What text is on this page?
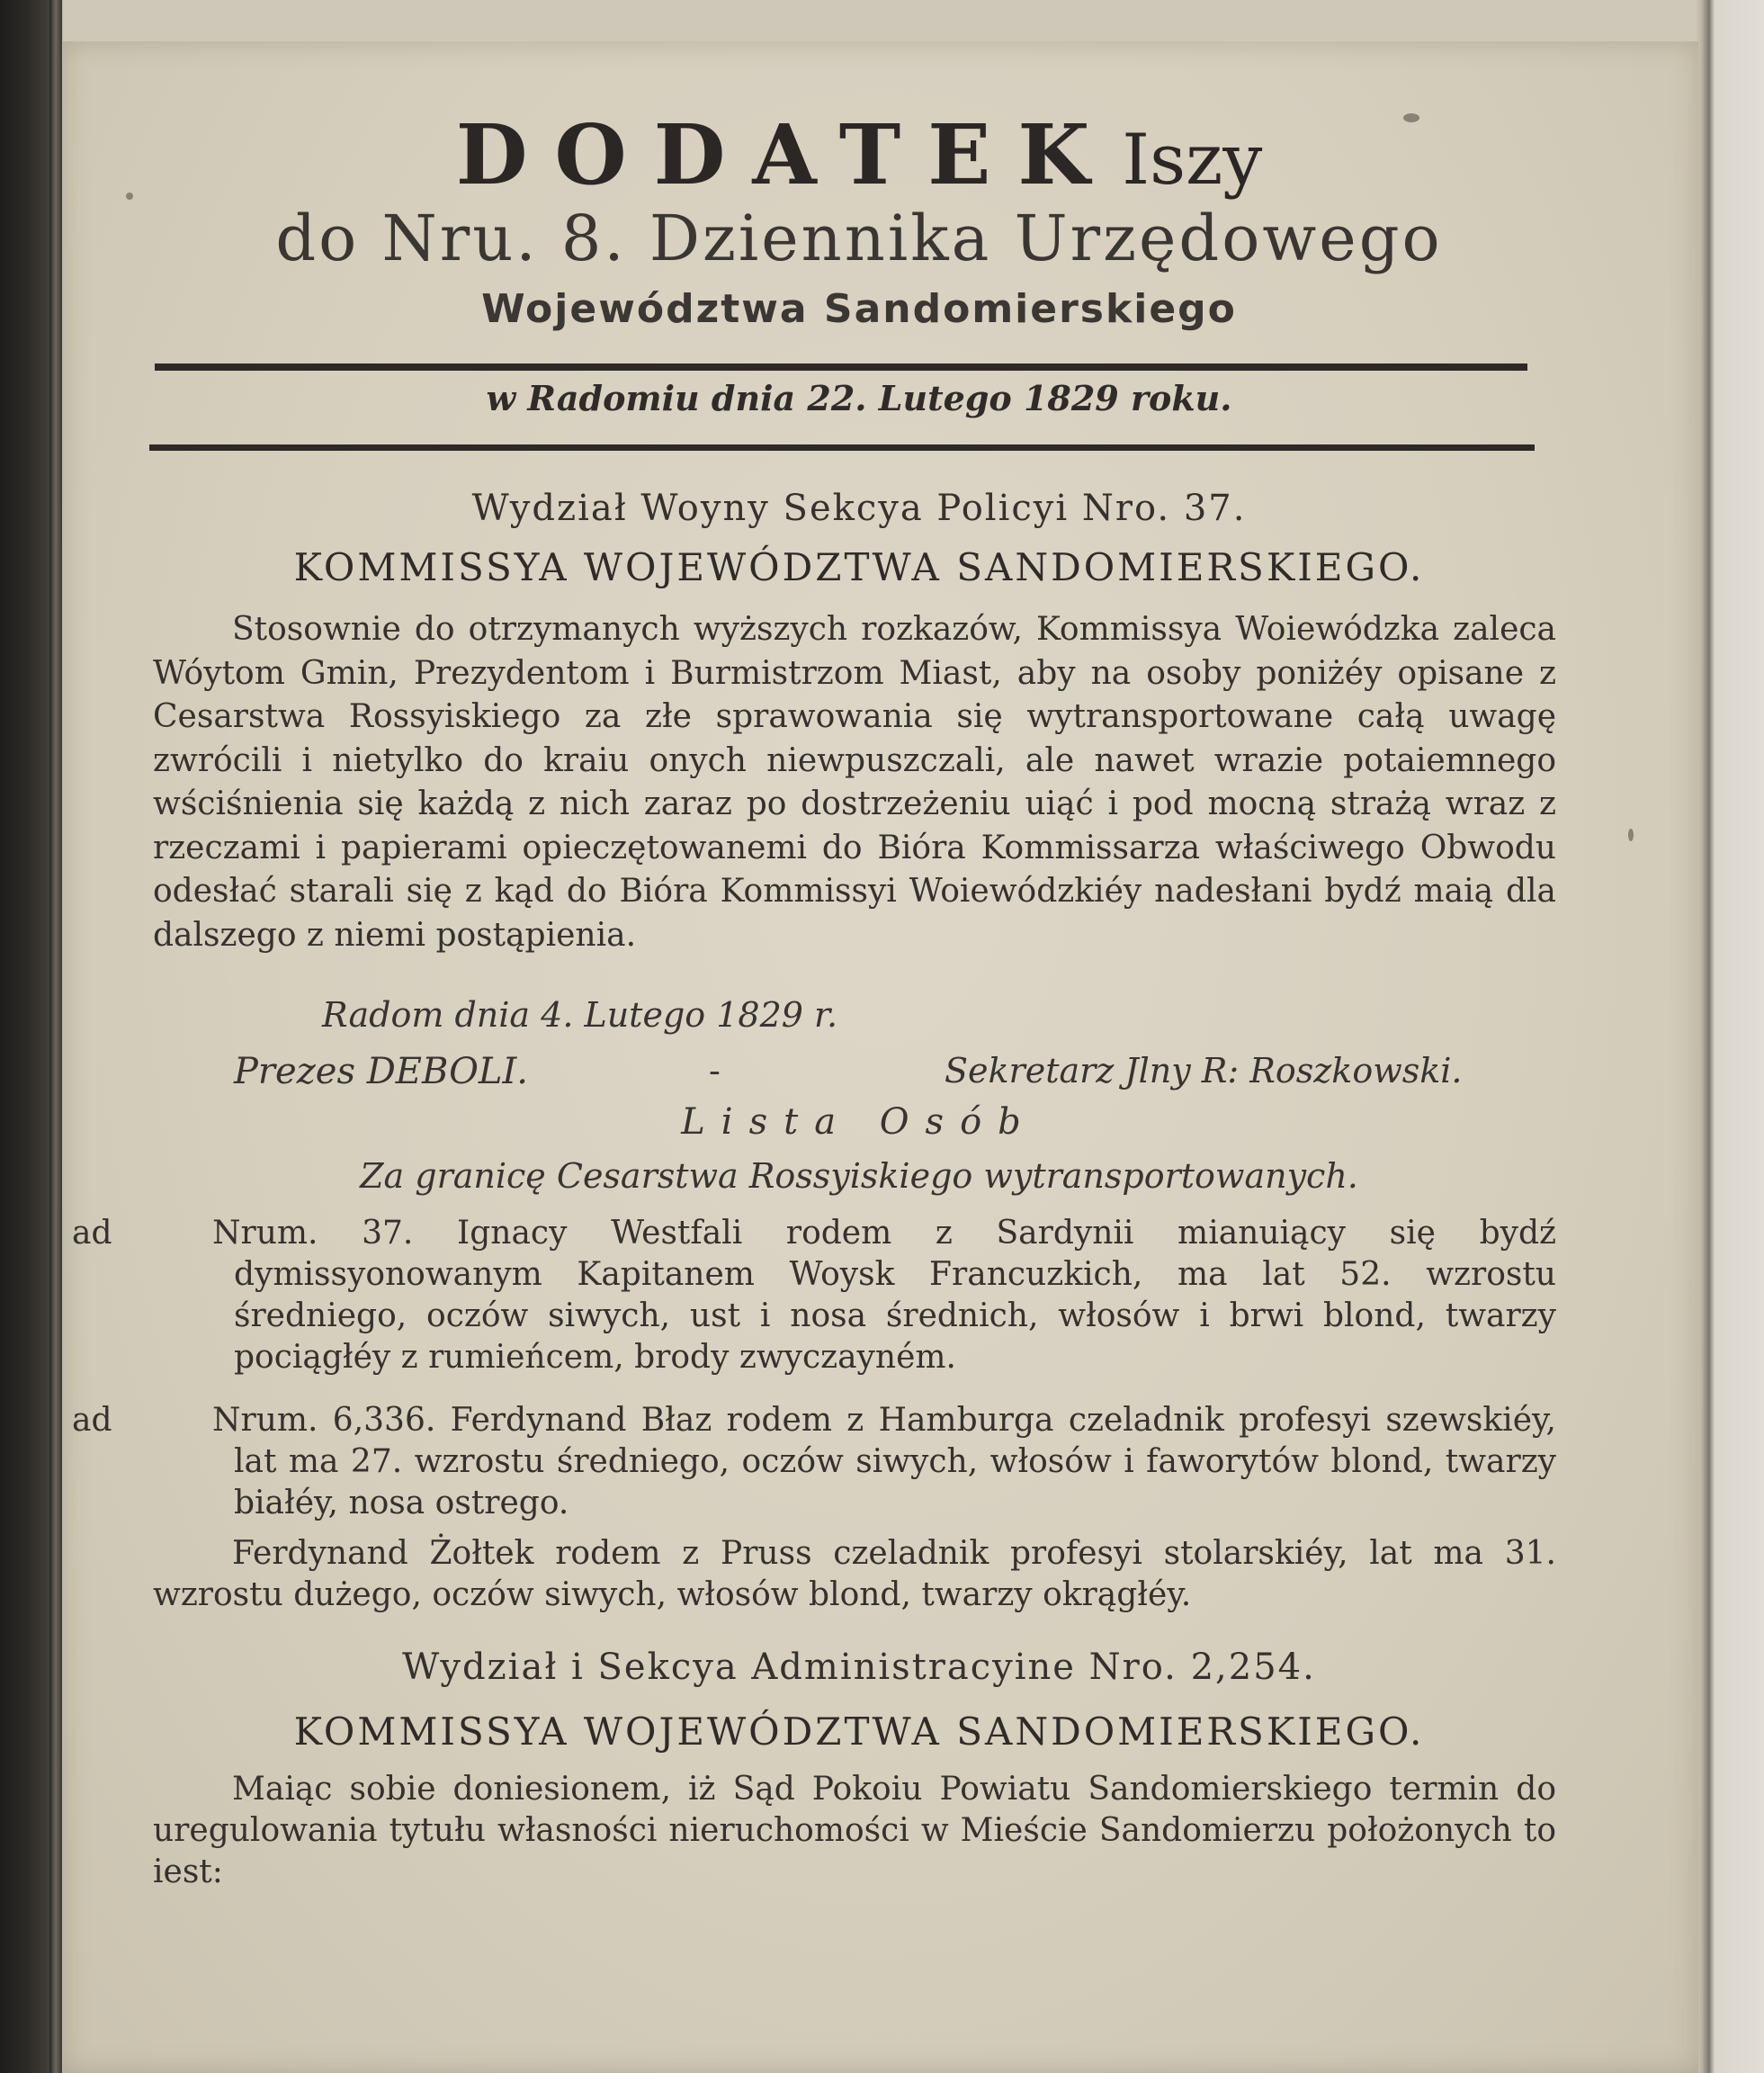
DODATEKIszy
do Nru. 8. Dziennika Urzędowego
Województwa Sandomierskiego
w Radomiu dnia 22. Lutego 1829 roku.
Wydział Woyny Sekcya Policyi Nro. 37.
KOMMISSYA WOJEWÓDZTWA SANDOMIERSKIEGO.
Stosownie do otrzymanych wyższych rozkazów, Kommissya Woiewódzka zaleca Wóytom Gmin, Prezydentom i Burmistrzom Miast, aby na osoby poniżéy opisane z Cesarstwa Rossyiskiego za złe sprawowania się wytransportowane całą uwagę zwrócili i nietylko do kraiu onych niewpuszczali, ale nawet wrazie potaiemnego wściśnienia się każdą z nich zaraz po dostrzeżeniu uiąć i pod mocną strażą wraz z rzeczami i papierami opieczętowanemi do Bióra Kommissarza właściwego Obwodu odesłać starali się z kąd do Bióra Kommissyi Woiewódzkiéy nadesłani bydź maią dla dalszego z niemi postąpienia.
Radom dnia 4. Lutego 1829 r.
Prezes DEBOLI.	-	Sekretarz Jlny R: Roszkowski.
Lista Osób
Za granicę Cesarstwa Rossyiskiego wytransportowanych.
ad	Nrum. 37. Ignacy Westfali rodem z Sardynii mianuiący się bydź dymissyonowanym Kapitanem Woysk Francuzkich, ma lat 52. wzrostu średniego, oczów siwych, ust i nosa średnich, włosów i brwi blond, twarzy pociągłéy z rumieńcem, brody zwyczayném.
ad	Nrum. 6,336. Ferdynand Błaz rodem z Hamburga czeladnik profesyi szewskiéy, lat ma 27. wzrostu średniego, oczów siwych, włosów i faworytów blond, twarzy białéy, nosa ostrego.
Ferdynand Żołtek rodem z Pruss czeladnik profesyi stolarskiéy, lat ma 31. wzrostu dużego, oczów siwych, włosów blond, twarzy okrągłéy.
Wydział i Sekcya Administracyine Nro. 2,254.
KOMMISSYA WOJEWÓDZTWA SANDOMIERSKIEGO.
Maiąc sobie doniesionem, iż Sąd Pokoiu Powiatu Sandomierskiego termin do uregulowania tytułu własności nieruchomości w Mieście Sandomierzu położonych to iest:
